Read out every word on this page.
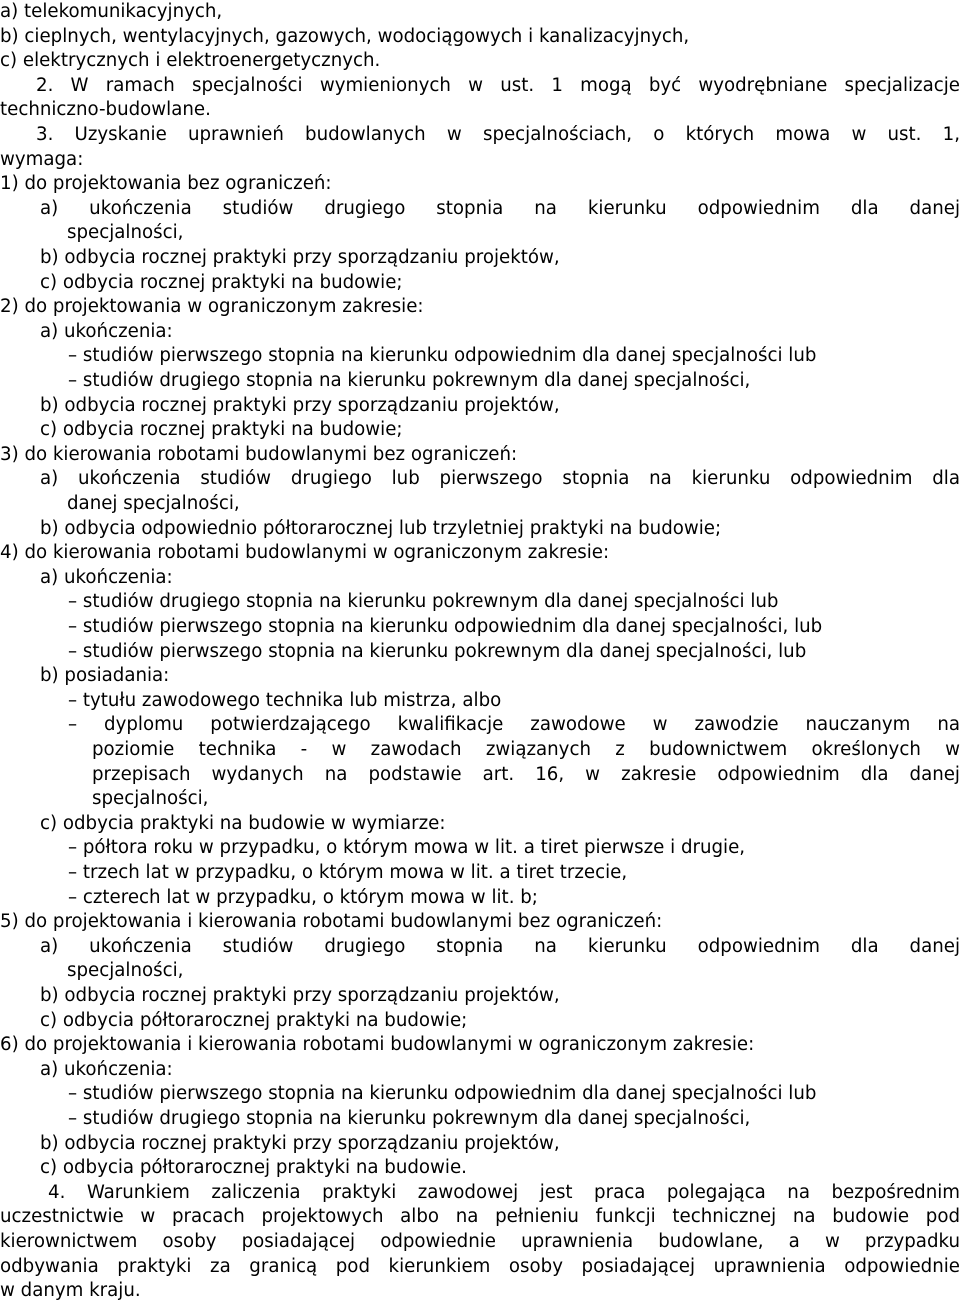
a) telekomunikacyjnych,
b) cieplnych, wentylacyjnych, gazowych, wodociągowych i kanalizacyjnych,
c) elektrycznych i elektroenergetycznych.
2. W ramach specjalności wymienionych w ust. 1 mogą być wyodrębniane specjalizacje
techniczno-budowlane.
3. Uzyskanie uprawnień budowlanych w specjalnościach, o których mowa w ust. 1,
wymaga:
1) do projektowania bez ograniczeń:
a) ukończenia studiów drugiego stopnia na kierunku odpowiednim dla danej
specjalności,
b) odbycia rocznej praktyki przy sporządzaniu projektów,
c) odbycia rocznej praktyki na budowie;
2) do projektowania w ograniczonym zakresie:
a) ukończenia:
– studiów pierwszego stopnia na kierunku odpowiednim dla danej specjalności lub
– studiów drugiego stopnia na kierunku pokrewnym dla danej specjalności,
b) odbycia rocznej praktyki przy sporządzaniu projektów,
c) odbycia rocznej praktyki na budowie;
3) do kierowania robotami budowlanymi bez ograniczeń:
a) ukończenia studiów drugiego lub pierwszego stopnia na kierunku odpowiednim dla
danej specjalności,
b) odbycia odpowiednio półtorarocznej lub trzyletniej praktyki na budowie;
4) do kierowania robotami budowlanymi w ograniczonym zakresie:
a) ukończenia:
– studiów drugiego stopnia na kierunku pokrewnym dla danej specjalności lub
– studiów pierwszego stopnia na kierunku odpowiednim dla danej specjalności, lub
– studiów pierwszego stopnia na kierunku pokrewnym dla danej specjalności, lub
b) posiadania:
– tytułu zawodowego technika lub mistrza, albo
– dyplomu potwierdzającego kwalifikacje zawodowe w zawodzie nauczanym na
poziomie technika - w zawodach związanych z budownictwem określonych w
przepisach wydanych na podstawie art. 16, w zakresie odpowiednim dla danej
specjalności,
c) odbycia praktyki na budowie w wymiarze:
– półtora roku w przypadku, o którym mowa w lit. a tiret pierwsze i drugie,
– trzech lat w przypadku, o którym mowa w lit. a tiret trzecie,
– czterech lat w przypadku, o którym mowa w lit. b;
5) do projektowania i kierowania robotami budowlanymi bez ograniczeń:
a) ukończenia studiów drugiego stopnia na kierunku odpowiednim dla danej
specjalności,
b) odbycia rocznej praktyki przy sporządzaniu projektów,
c) odbycia półtorarocznej praktyki na budowie;
6) do projektowania i kierowania robotami budowlanymi w ograniczonym zakresie:
a) ukończenia:
– studiów pierwszego stopnia na kierunku odpowiednim dla danej specjalności lub
– studiów drugiego stopnia na kierunku pokrewnym dla danej specjalności,
b) odbycia rocznej praktyki przy sporządzaniu projektów,
c) odbycia półtorarocznej praktyki na budowie.
4. Warunkiem zaliczenia praktyki zawodowej jest praca polegająca na bezpośrednim
uczestnictwie w pracach projektowych albo na pełnieniu funkcji technicznej na budowie pod
kierownictwem osoby posiadającej odpowiednie uprawnienia budowlane, a w przypadku
odbywania praktyki za granicą pod kierunkiem osoby posiadającej uprawnienia odpowiednie
w danym kraju.
